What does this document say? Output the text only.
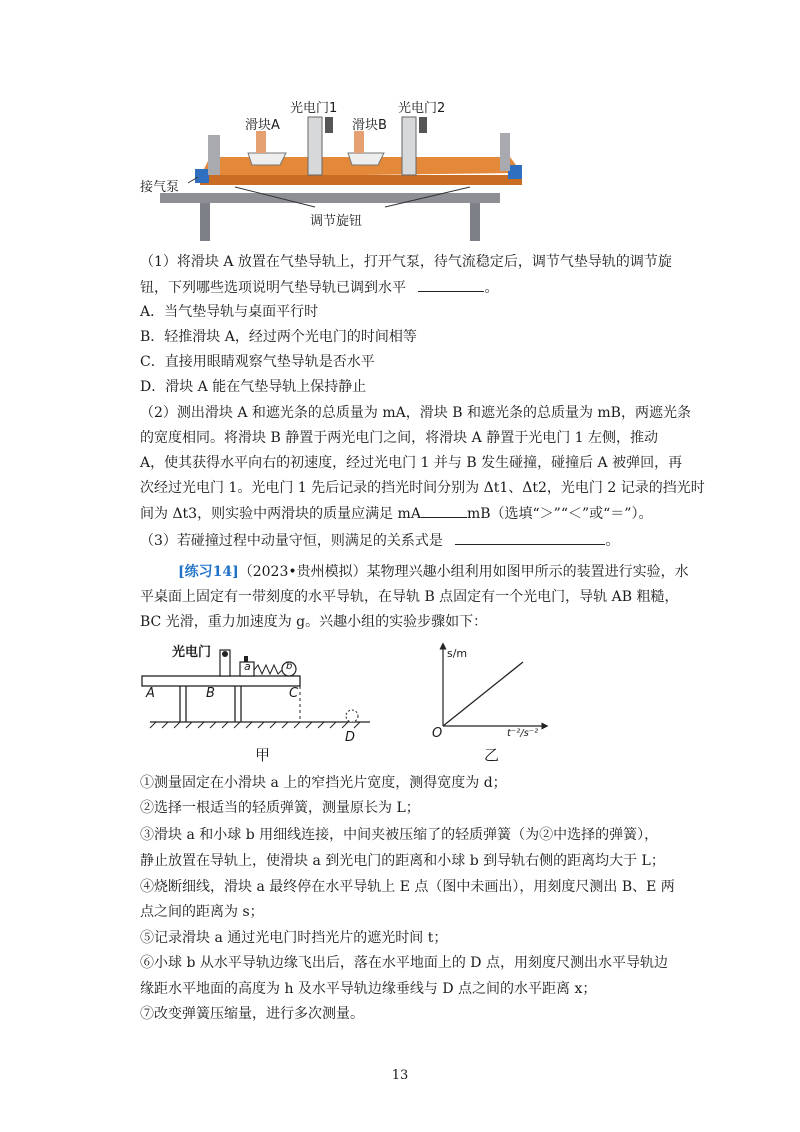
光电门1	光电门2
滑块A	滑块B
接气泵
调节旋钮
（1）将滑块 A 放置在气垫导轨上，打开气泵，待气流稳定后，调节气垫导轨的调节旋
钮，下列哪些选项说明气垫导轨已调到水平	。
A．当气垫导轨与桌面平行时
B．轻推滑块 A，经过两个光电门的时间相等
C．直接用眼睛观察气垫导轨是否水平
D．滑块 A 能在气垫导轨上保持静止
（2）测出滑块 A 和遮光条的总质量为 mA，滑块 B 和遮光条的总质量为 mB，两遮光条
的宽度相同。将滑块 B 静置于两光电门之间，将滑块 A 静置于光电门 1 左侧，推动
A，使其获得水平向右的初速度，经过光电门 1 并与 B 发生碰撞，碰撞后 A 被弹回，再
次经过光电门 1。光电门 1 先后记录的挡光时间分别为 Δt1、Δt2，光电门 2 记录的挡光时
间为 Δt3，则实验中两滑块的质量应满足 mA	mB（选填“＞”“＜”或“＝”）。
（3）若碰撞过程中动量守恒，则满足的关系式是	。
[练习14]（2023•贵州模拟）某物理兴趣小组利用如图甲所示的装置进行实验，水
平桌面上固定有一带刻度的水平导轨，在导轨 B 点固定有一个光电门，导轨 AB 粗糙，
BC 光滑，重力加速度为 g。兴趣小组的实验步骤如下：
光电门
a	b
A	B	C
D
甲
s/m
t⁻²/s⁻²
O
乙
①测量固定在小滑块 a 上的窄挡光片宽度，测得宽度为 d；
②选择一根适当的轻质弹簧，测量原长为 L；
③滑块 a 和小球 b 用细线连接，中间夹被压缩了的轻质弹簧（为②中选择的弹簧），
静止放置在导轨上，使滑块 a 到光电门的距离和小球 b 到导轨右侧的距离均大于 L；
④烧断细线，滑块 a 最终停在水平导轨上 E 点（图中未画出），用刻度尺测出 B、E 两
点之间的距离为 s；
⑤记录滑块 a 通过光电门时挡光片的遮光时间 t；
⑥小球 b 从水平导轨边缘飞出后，落在水平地面上的 D 点，用刻度尺测出水平导轨边
缘距水平地面的高度为 h 及水平导轨边缘垂线与 D 点之间的水平距离 x；
⑦改变弹簧压缩量，进行多次测量。
13
